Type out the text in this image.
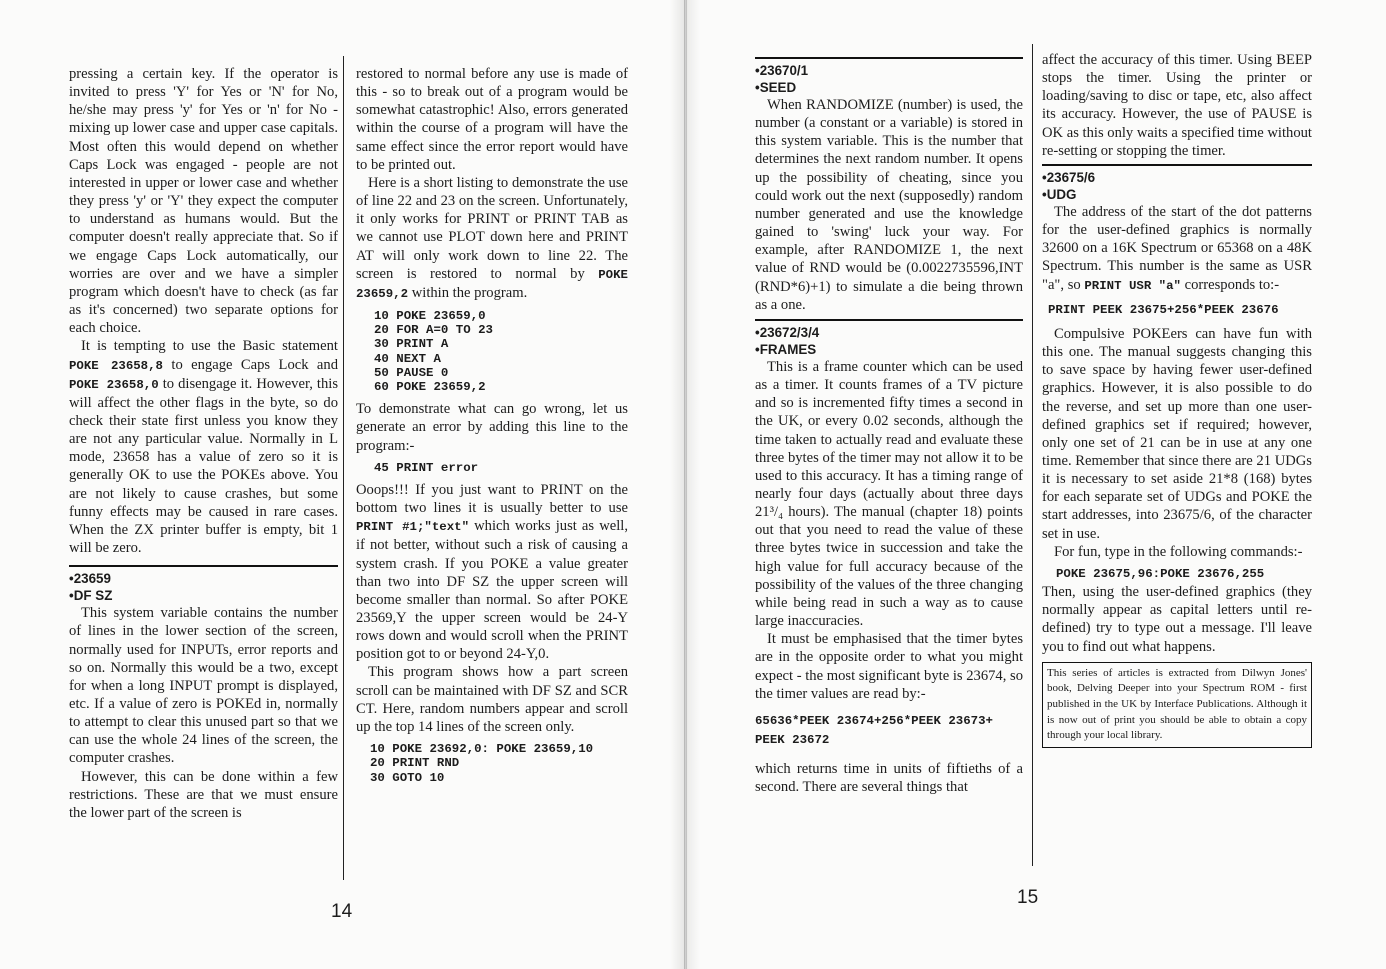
pressing a certain key. If the operator is invited to press 'Y' for Yes or 'N' for No, he/she may press 'y' for Yes or 'n' for No - mixing up lower case and upper case capitals. Most often this would depend on whether Caps Lock was engaged - people are not interested in upper or lower case and whether they press 'y' or 'Y' they expect the computer to understand as humans would. But the computer doesn't really appreciate that. So if we engage Caps Lock automatically, our worries are over and we have a simpler program which doesn't have to check (as far as it's concerned) two separate options for each choice.

It is tempting to use the Basic statement POKE 23658,8 to engage Caps Lock and POKE 23658,0 to disengage it. However, this will affect the other flags in the byte, so do check their state first unless you know they are not any particular value. Normally in L mode, 23658 has a value of zero so it is generally OK to use the POKEs above. You are not likely to cause crashes, but some funny effects may be caused in rare cases. When the ZX printer buffer is empty, bit 1 will be zero.

•23659
•DF SZ

This system variable contains the number of lines in the lower section of the screen, normally used for INPUTs, error reports and so on. Normally this would be a two, except for when a long INPUT prompt is displayed, etc. If a value of zero is POKEd in, normally to attempt to clear this unused part so that we can use the whole 24 lines of the screen, the computer crashes.

However, this can be done within a few restrictions. These are that we must ensure the lower part of the screen is

restored to normal before any use is made of this - so to break out of a program would be somewhat catastrophic! Also, errors generated within the course of a program will have the same effect since the error report would have to be printed out.

Here is a short listing to demonstrate the use of line 22 and 23 on the screen. Unfortunately, it only works for PRINT or PRINT TAB as we cannot use PLOT down here and PRINT AT will only work down to line 22. The screen is restored to normal by POKE 23659,2 within the program.

10 POKE 23659,0
20 FOR A=0 TO 23
30 PRINT A
40 NEXT A
50 PAUSE 0
60 POKE 23659,2

To demonstrate what can go wrong, let us generate an error by adding this line to the program:-

45 PRINT error

Ooops!!! If you just want to PRINT on the bottom two lines it is usually better to use PRINT #1;"text" which works just as well, if not better, without such a risk of causing a system crash. If you POKE a value greater than two into DF SZ the upper screen will become smaller than normal. So after POKE 23569,Y the upper screen would be 24-Y rows down and would scroll when the PRINT position got to or beyond 24-Y,0.

This program shows how a part screen scroll can be maintained with DF SZ and SCR CT. Here, random numbers appear and scroll up the top 14 lines of the screen only.

10 POKE 23692,0: POKE 23659,10
20 PRINT RND
30 GOTO 10
14
•23670/1
•SEED

When RANDOMIZE (number) is used, the number (a constant or a variable) is stored in this system variable. This is the number that determines the next random number. It opens up the possibility of cheating, since you could work out the next (supposedly) random number generated and use the knowledge gained to 'swing' luck your way. For example, after RANDOMIZE 1, the next value of RND would be (0.0022735596,INT (RND*6)+1) to simulate a die being thrown as a one.

•23672/3/4
•FRAMES

This is a frame counter which can be used as a timer. It counts frames of a TV picture and so is incremented fifty times a second in the UK, or every 0.02 seconds, although the time taken to actually read and evaluate these three bytes of the timer may not allow it to be used to this accuracy. It has a timing range of nearly four days (actually about three days 21³/₄ hours). The manual (chapter 18) points out that you need to read the value of these three bytes twice in succession and take the high value for full accuracy because of the possibility of the values of the three changing while being read in such a way as to cause large inaccuracies.

It must be emphasised that the timer bytes are in the opposite order to what you might expect - the most significant byte is 23674, so the timer values are read by:-

65636*PEEK 23674+256*PEEK 23673+
PEEK 23672

which returns time in units of fiftieths of a second. There are several things that

affect the accuracy of this timer. Using BEEP stops the timer. Using the printer or loading/saving to disc or tape, etc, also affect its accuracy. However, the use of PAUSE is OK as this only waits a specified time without re-setting or stopping the timer.

•23675/6
•UDG

The address of the start of the dot patterns for the user-defined graphics is normally 32600 on a 16K Spectrum or 65368 on a 48K Spectrum. This number is the same as USR "a", so PRINT USR "a" corresponds to:-

PRINT PEEK 23675+256*PEEK 23676

Compulsive POKEers can have fun with this one. The manual suggests changing this to save space by having fewer user-defined graphics. However, it is also possible to do the reverse, and set up more than one user-defined graphics set if required; however, only one set of 21 can be in use at any one time. Remember that since there are 21 UDGs it is necessary to set aside 21*8 (168) bytes for each separate set of UDGs and POKE the start addresses, into 23675/6, of the character set in use.

For fun, type in the following commands:-

POKE 23675,96:POKE 23676,255

Then, using the user-defined graphics (they normally appear as capital letters until re-defined) try to type out a message. I'll leave you to find out what happens.

This series of articles is extracted from Dilwyn Jones' book, Delving Deeper into your Spectrum ROM - first published in the UK by Interface Publications. Although it is now out of print you should be able to obtain a copy through your local library.
15
